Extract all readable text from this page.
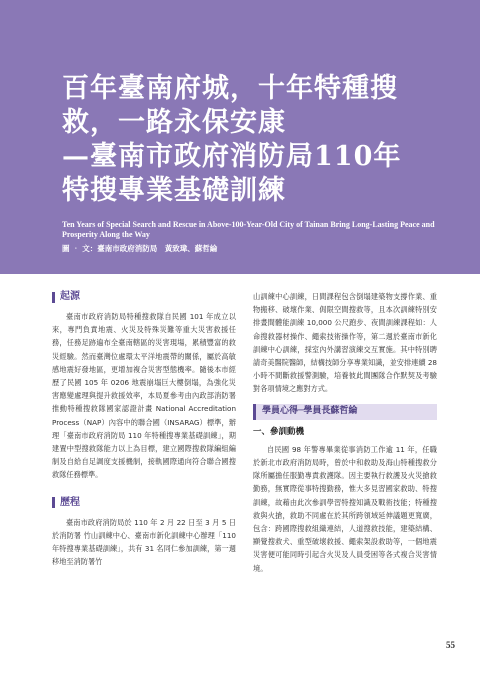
百年臺南府城，十年特種搜
救，一路永保安康
—臺南市政府消防局110年
特搜專業基礎訓練
Ten Years of Special Search and Rescue in Above-100-Year-Old City of Tainan Bring Long-Lasting Peace and Prosperity Along the Way
圖 ‧ 文：臺南市政府消防局　黃致瑋、蘇哲綸
起源

臺南市政府消防局特種搜救隊自民國 101 年成立以來，專門負責地震、火災及特殊災難等重大災害救援任務，任務足跡遍布全臺南轄區的災害現場，累積豐富的救災經驗。然而臺灣位處環太平洋地震帶的關係，屬於高敏感地震好發地區，更增加複合災害型態機率。隨後本市經歷了民國 105 年 0206 地震崩塌巨大樓倒塌，為強化災害應變處理與提升救援效率，本局夏參考由內政部消防署推動特種搜救隊國家認證計畫 National Accreditation Process（NAP）內容中的聯合國（INSARAG）標準，辦理「臺南市政府消防局 110 年特種搜專業基礎訓練」，期建置中型搜救隊能力以上為目標，建立國際搜救隊編組編制及自給自足調度支援機制，接軌國際通向符合聯合國搜救隊任務標準。

歷程

臺南市政府消防局於 110 年 2 月 22 日至 3 月 5 日於消防署 竹山訓練中心、臺南市新化訓練中心辦理「110 年特搜專業基礎訓練」，共有 31 名同仁參加訓練，第一週移地至消防署竹

山訓練中心訓練，日間課程包含倒塌建築物支撐作業、重物搬移、破壞作業、侷限空間搜救等，且本次訓練特別安排晝間體能訓練 10,000 公尺跑步、夜間訓練課程如：人命搜救器材操作、繩索技術操作等，第二週於臺南市新化訓練中心訓練，採室內外講習演練交互實施。其中特別聘請奇美醫院醫師，結構技師分享專業知識，並安排連續 28 小時不間斷救援警測驗，培養彼此間團隊合作默契及考驗對各項情境之應對方式。

學員心得─學員長蘇哲綸
一、參訓動機

自民國 98 年警專畢業從事消防工作逾 11 年，任職於新北市政府消防局時，曾於中和救助及海山特種搜救分隊所屬擔任服勤專責救護隊。因主要執行救護及火災搶救勤務，無實際從事特搜勤務，惟大多見習國家救助、特搜訓練，故藉由此次參訓學習特搜知識及戰術技能；特種搜救與火搶，救助不同處在於其所跨領域延伸議題更寬廣，包含：跨國際搜救組織連結，人道搜救技能，建築結構、顯覺搜救犬、重型破壞救援、繩索架設救助等，一個地震災害便可能同時引起含火災及人員受困等各式複合災害情境。

55
